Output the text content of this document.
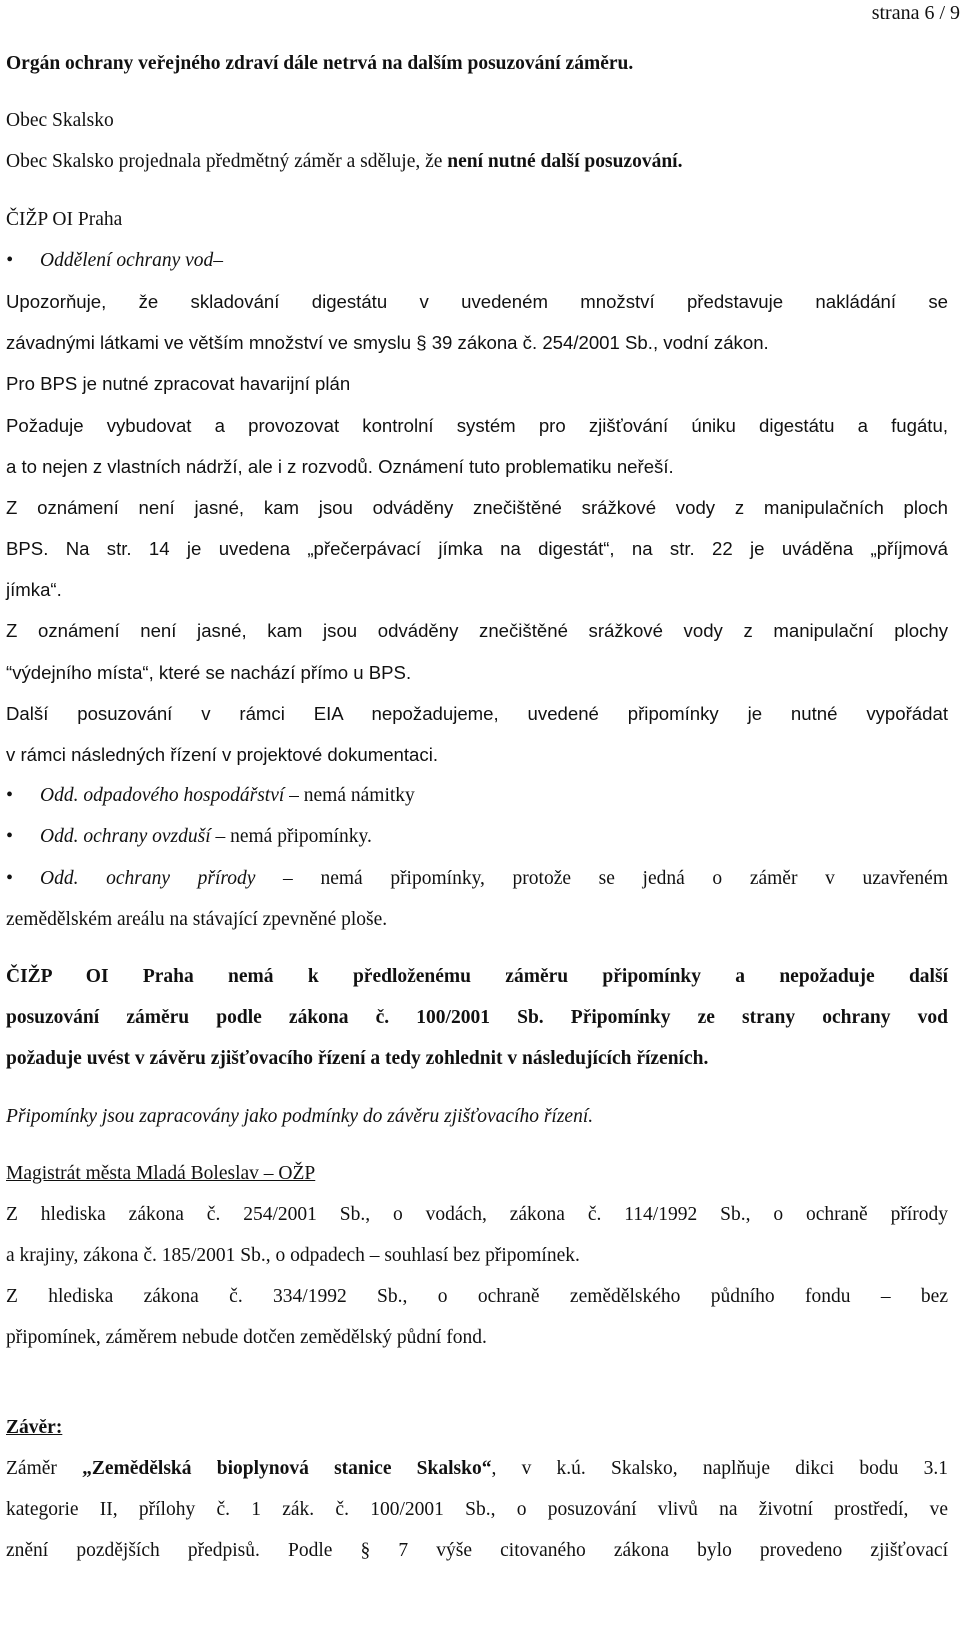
strana 6 / 9
Orgán ochrany veřejného zdraví dále netrvá na dalším posuzování záměru.
Obec Skalsko
Obec Skalsko projednala předmětný záměr a sděluje, že není nutné další posuzování.
ČIŽP OI Praha
• Oddělení ochrany vod–
Upozorňuje, že skladování digestátu v uvedeném množství představuje nakládání se
závadnými látkami ve větším množství ve smyslu § 39 zákona č. 254/2001 Sb., vodní zákon.
Pro BPS je nutné zpracovat havarijní plán
Požaduje vybudovat a provozovat kontrolní systém pro zjišťování úniku digestátu a fugátu,
a to nejen z vlastních nádrží, ale i z rozvodů. Oznámení tuto problematiku neřeší.
Z oznámení není jasné, kam jsou odváděny znečištěné srážkové vody z manipulačních ploch
BPS. Na str. 14 je uvedena „přečerpávací jímka na digestát“, na str. 22 je uváděna „příjmová
jímka“.
Z oznámení není jasné, kam jsou odváděny znečištěné srážkové vody z manipulační plochy
“výdejního místa“, které se nachází přímo u BPS.
Další posuzování v rámci EIA nepožadujeme, uvedené připomínky je nutné vypořádat
v rámci následných řízení v projektové dokumentaci.
• Odd. odpadového hospodářství – nemá námitky
• Odd. ochrany ovzduší – nemá připomínky.
• Odd. ochrany přírody – nemá připomínky, protože se jedná o záměr v uzavřeném
zemědělském areálu na stávající zpevněné ploše.
ČIŽP OI Praha nemá k předloženému záměru připomínky a nepožaduje další
posuzování záměru podle zákona č. 100/2001 Sb. Připomínky ze strany ochrany vod
požaduje uvést v závěru zjišťovacího řízení a tedy zohlednit v následujících řízeních.
Připomínky jsou zapracovány jako podmínky do závěru zjišťovacího řízení.
Magistrát města Mladá Boleslav – OŽP
Z hlediska zákona č. 254/2001 Sb., o vodách, zákona č. 114/1992 Sb., o ochraně přírody
a krajiny, zákona č. 185/2001 Sb., o odpadech – souhlasí bez připomínek.
Z hlediska zákona č. 334/1992 Sb., o ochraně zemědělského půdního fondu – bez
připomínek, záměrem nebude dotčen zemědělský půdní fond.
Závěr:
Záměr „Zemědělská bioplynová stanice Skalsko“, v k.ú. Skalsko, naplňuje dikci bodu 3.1
kategorie II, přílohy č. 1 zák. č. 100/2001 Sb., o posuzování vlivů na životní prostředí, ve
znění pozdějších předpisů. Podle § 7 výše citovaného zákona bylo provedeno zjišťovací
